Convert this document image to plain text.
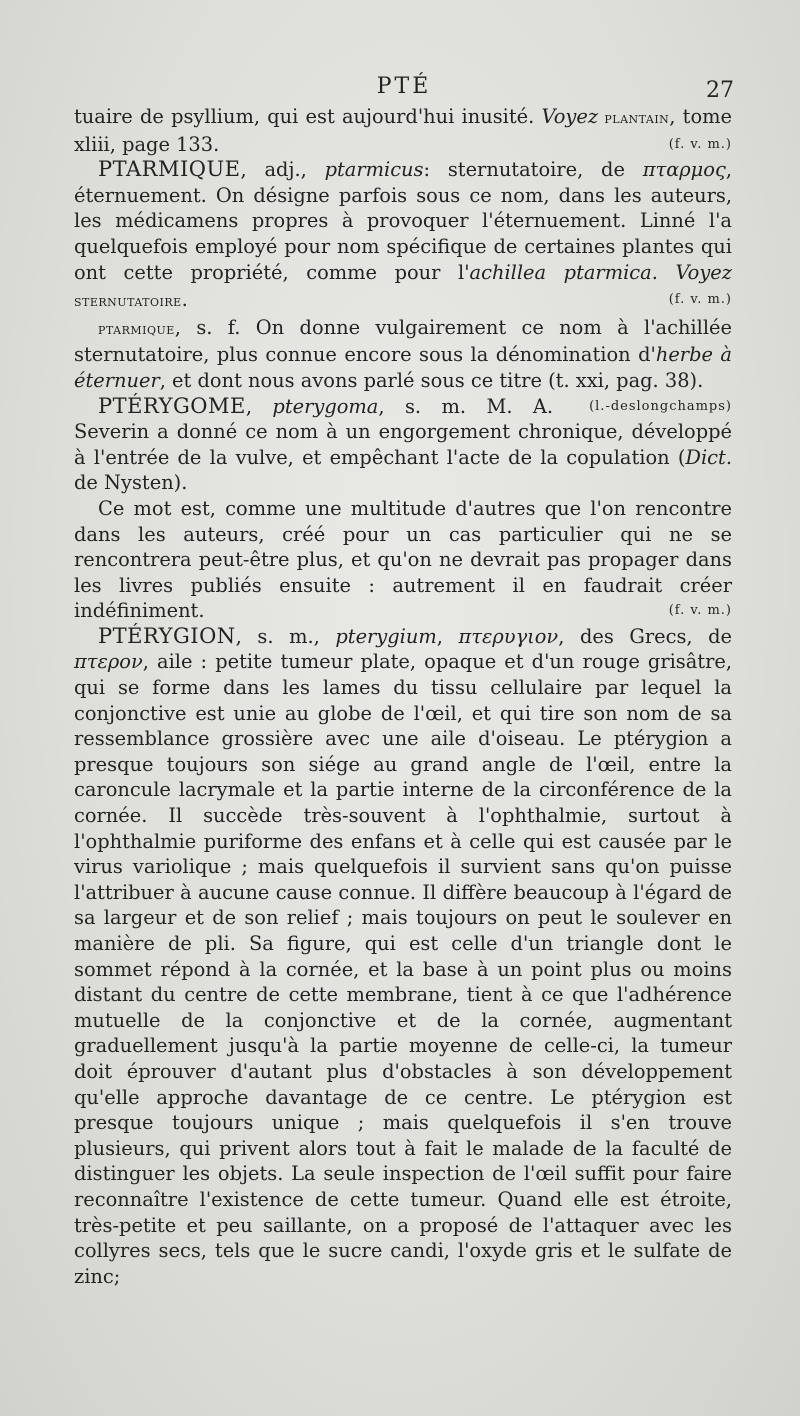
PTÉ	27

tuaire de psyllium, qui est aujourd'hui inusité. Voyez plantain, tome xliii, page 133.	(f. v. m.)

PTARMIQUE, adj., ptarmicus: sternutatoire, de πταρμος, éternuement. On désigne parfois sous ce nom, dans les auteurs, les médicamens propres à provoquer l'éternuement. Linné l'a quelquefois employé pour nom spécifique de certaines plantes qui ont cette propriété, comme pour l'achillea ptarmica. Voyez sternutatoire.	(f. v. m.)

ptarmique, s. f. On donne vulgairement ce nom à l'achillée sternutatoire, plus connue encore sous la dénomination d'herbe à éternuer, et dont nous avons parlé sous ce titre (t. xxi, pag. 38).
(l.-deslongchamps)

PTÉRYGOME, pterygoma, s. m. M. A. Severin a donné ce nom à un engorgement chronique, développé à l'entrée de la vulve, et empêchant l'acte de la copulation (Dict. de Nysten).

Ce mot est, comme une multitude d'autres que l'on rencontre dans les auteurs, créé pour un cas particulier qui ne se rencontrera peut-être plus, et qu'on ne devrait pas propager dans les livres publiés ensuite : autrement il en faudrait créer indéfiniment.	(f. v. m.)

PTÉRYGION, s. m., pterygium, πτερυγιον, des Grecs, de πτερον, aile : petite tumeur plate, opaque et d'un rouge grisâtre, qui se forme dans les lames du tissu cellulaire par lequel la conjonctive est unie au globe de l'œil, et qui tire son nom de sa ressemblance grossière avec une aile d'oiseau. Le ptérygion a presque toujours son siége au grand angle de l'œil, entre la caroncule lacrymale et la partie interne de la circonférence de la cornée. Il succède très-souvent à l'ophthalmie, surtout à l'ophthalmie puriforme des enfans et à celle qui est causée par le virus variolique ; mais quelquefois il survient sans qu'on puisse l'attribuer à aucune cause connue. Il diffère beaucoup à l'égard de sa largeur et de son relief ; mais toujours on peut le soulever en manière de pli. Sa figure, qui est celle d'un triangle dont le sommet répond à la cornée, et la base à un point plus ou moins distant du centre de cette membrane, tient à ce que l'adhérence mutuelle de la conjonctive et de la cornée, augmentant graduellement jusqu'à la partie moyenne de celle-ci, la tumeur doit éprouver d'autant plus d'obstacles à son développement qu'elle approche davantage de ce centre. Le ptérygion est presque toujours unique ; mais quelquefois il s'en trouve plusieurs, qui privent alors tout à fait le malade de la faculté de distinguer les objets. La seule inspection de l'œil suffit pour faire reconnaître l'existence de cette tumeur. Quand elle est étroite, très-petite et peu saillante, on a proposé de l'attaquer avec les collyres secs, tels que le sucre candi, l'oxyde gris et le sulfate de zinc;
